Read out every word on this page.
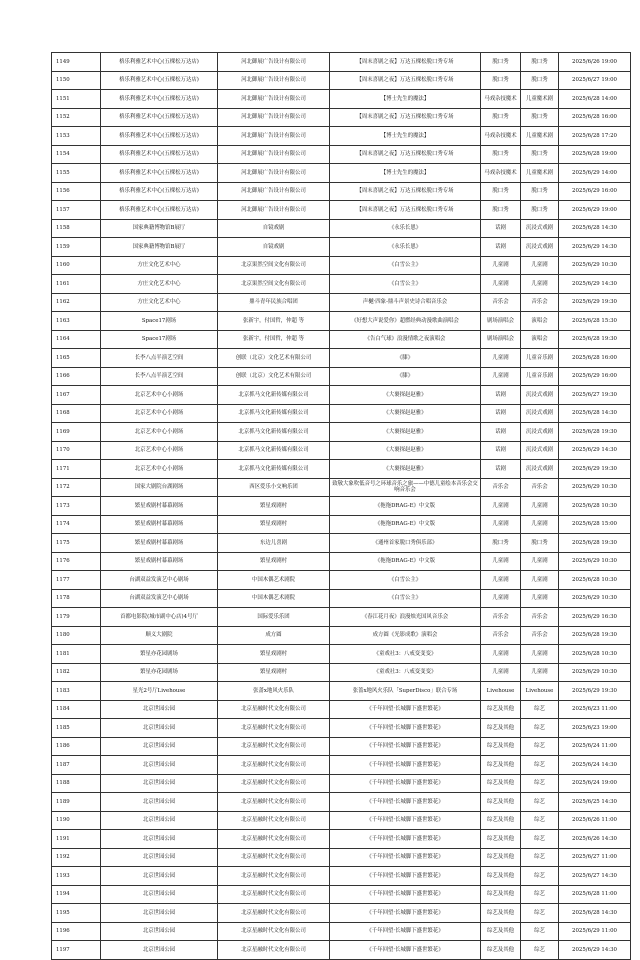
1149	格乐利雅艺术中心(五棵松万达店)	河北御展广告设计有限公司	【周末喜剧之夜】万达五棵松脱口秀专场	脱口秀	脱口秀	2025/6/26 19:00
1150	格乐利雅艺术中心(五棵松万达店)	河北御展广告设计有限公司	【周末喜剧之夜】万达五棵松脱口秀专场	脱口秀	脱口秀	2025/6/27 19:00
1151	格乐利雅艺术中心(五棵松万达店)	河北御展广告设计有限公司	【博士先生的魔法】	马戏杂技魔术	儿童魔术剧	2025/6/28 14:00
1152	格乐利雅艺术中心(五棵松万达店)	河北御展广告设计有限公司	【周末喜剧之夜】万达五棵松脱口秀专场	脱口秀	脱口秀	2025/6/28 16:00
1153	格乐利雅艺术中心(五棵松万达店)	河北御展广告设计有限公司	【博士先生的魔法】	马戏杂技魔术	儿童魔术剧	2025/6/28 17:20
1154	格乐利雅艺术中心(五棵松万达店)	河北御展广告设计有限公司	【周末喜剧之夜】万达五棵松脱口秀专场	脱口秀	脱口秀	2025/6/28 19:00
1155	格乐利雅艺术中心(五棵松万达店)	河北御展广告设计有限公司	【博士先生的魔法】	马戏杂技魔术	儿童魔术剧	2025/6/29 14:00
1156	格乐利雅艺术中心(五棵松万达店)	河北御展广告设计有限公司	【周末喜剧之夜】万达五棵松脱口秀专场	脱口秀	脱口秀	2025/6/29 16:00
1157	格乐利雅艺术中心(五棵松万达店)	河北御展广告设计有限公司	【周末喜剧之夜】万达五棵松脱口秀专场	脱口秀	脱口秀	2025/6/29 19:00
1158	国家典籍博物馆B展厅	自镜戏剧	《永乐长恩》	话剧	沉浸式戏剧	2025/6/28 14:30
1159	国家典籍博物馆B展厅	自镜戏剧	《永乐长恩》	话剧	沉浸式戏剧	2025/6/29 14:30
1160	方庄文化艺术中心	北京果然空间文化有限公司	《白雪公主》	儿童剧	儿童剧	2025/6/29 10:30
1161	方庄文化艺术中心	北京果然空间文化有限公司	《白雪公主》	儿童剧	儿童剧	2025/6/29 14:30
1162	方庄文化艺术中心	鼎斗青年民族合唱团	声樾·四象-鼎斗声景史诗合唱音乐会	音乐会	音乐会	2025/6/29 19:30
1163	Space17剧场	张新宇，付国哲，仲超 等	《好想大声说爱你》超燃经典动漫歌曲演唱会	剧场演唱会	演唱会	2025/6/28 15:30
1164	Space17剧场	张新宇，付国哲，仲超 等	《告白气球》浪漫情歌之夜演唱会	剧场演唱会	演唱会	2025/6/28 19:30
1165	长李八点半演艺空间	创联（北京）文化艺术有限公司	《膝》	儿童剧	儿童音乐剧	2025/6/28 16:00
1166	长李八点半演艺空间	创联（北京）文化艺术有限公司	《膝》	儿童剧	儿童音乐剧	2025/6/29 16:00
1167	北京艺术中心小剧场	北京抓马文化新传媒有限公司	《大裹探赵赵雅》	话剧	沉浸式戏剧	2025/6/27 19:30
1168	北京艺术中心小剧场	北京抓马文化新传媒有限公司	《大裹探赵赵雅》	话剧	沉浸式戏剧	2025/6/28 14:30
1169	北京艺术中心小剧场	北京抓马文化新传媒有限公司	《大裹探赵赵雅》	话剧	沉浸式戏剧	2025/6/28 19:30
1170	北京艺术中心小剧场	北京抓马文化新传媒有限公司	《大裹探赵赵雅》	话剧	沉浸式戏剧	2025/6/29 14:30
1171	北京艺术中心小剧场	北京抓马文化新传媒有限公司	《大裹探赵赵雅》	话剧	沉浸式戏剧	2025/6/29 19:30
1172	国家大剧院台湖剧场	西区爱乐小交响乐团	致敬大象吹低音号之环球音乐之旅——中德儿童绘本音乐会交响音乐会	音乐会	音乐会	2025/6/29 10:30
1173	繁星戏剧村幕幕剧场	繁星戏剧村	《拖拖DRAG-E》中文版	儿童剧	儿童剧	2025/6/28 10:30
1174	繁星戏剧村幕幕剧场	繁星戏剧村	《拖拖DRAG-E》中文版	儿童剧	儿童剧	2025/6/28 15:00
1175	繁星戏剧村幕幕剧场	东边儿喜剧	《通州首家脱口秀俱乐部》	脱口秀	脱口秀	2025/6/28 19:30
1176	繁星戏剧村幕幕剧场	繁星戏剧村	《拖拖DRAG-E》中文版	儿童剧	儿童剧	2025/6/29 10:30
1177	台湖双益发演艺中心剧场	中国木偶艺术剧院	《白雪公主》	儿童剧	儿童剧	2025/6/28 10:30
1178	台湖双益发演艺中心剧场	中国木偶艺术剧院	《白雪公主》	儿童剧	儿童剧	2025/6/29 10:30
1179	首都电影院(城市副中心店)4号厅	国际爱乐乐团	《春江花月夜》浪漫烛光国风音乐会	音乐会	音乐会	2025/6/29 16:30
1180	顺义大剧院	成方圆	成方圆《光影成歌》演唱会	音乐会	音乐会	2025/6/28 19:30
1181	繁星亦花园剧场	繁星戏剧村	《童戏社3：八戒变变变》	儿童剧	儿童剧	2025/6/28 10:30
1182	繁星亦花园剧场	繁星戏剧村	《童戏社3：八戒变变变》	儿童剧	儿童剧	2025/6/29 10:30
1183	星光2号厅Livehouse	张蔷x地风火乐队	张蔷x地风火乐队「SuperDisco」联合专场	Livehouse	Livehouse	2025/6/29 19:30
1184	北京世园公园	北京星融时代文化有限公司	《千年回望·长城脚下盛世繁花》	综艺及其他	综艺	2025/6/23 11:00
1185	北京世园公园	北京星融时代文化有限公司	《千年回望·长城脚下盛世繁花》	综艺及其他	综艺	2025/6/23 19:00
1186	北京世园公园	北京星融时代文化有限公司	《千年回望·长城脚下盛世繁花》	综艺及其他	综艺	2025/6/24 11:00
1187	北京世园公园	北京星融时代文化有限公司	《千年回望·长城脚下盛世繁花》	综艺及其他	综艺	2025/6/24 14:30
1188	北京世园公园	北京星融时代文化有限公司	《千年回望·长城脚下盛世繁花》	综艺及其他	综艺	2025/6/24 19:00
1189	北京世园公园	北京星融时代文化有限公司	《千年回望·长城脚下盛世繁花》	综艺及其他	综艺	2025/6/25 14:30
1190	北京世园公园	北京星融时代文化有限公司	《千年回望·长城脚下盛世繁花》	综艺及其他	综艺	2025/6/26 11:00
1191	北京世园公园	北京星融时代文化有限公司	《千年回望·长城脚下盛世繁花》	综艺及其他	综艺	2025/6/26 14:30
1192	北京世园公园	北京星融时代文化有限公司	《千年回望·长城脚下盛世繁花》	综艺及其他	综艺	2025/6/27 11:00
1193	北京世园公园	北京星融时代文化有限公司	《千年回望·长城脚下盛世繁花》	综艺及其他	综艺	2025/6/27 14:30
1194	北京世园公园	北京星融时代文化有限公司	《千年回望·长城脚下盛世繁花》	综艺及其他	综艺	2025/6/28 11:00
1195	北京世园公园	北京星融时代文化有限公司	《千年回望·长城脚下盛世繁花》	综艺及其他	综艺	2025/6/28 14:30
1196	北京世园公园	北京星融时代文化有限公司	《千年回望·长城脚下盛世繁花》	综艺及其他	综艺	2025/6/29 11:00
1197	北京世园公园	北京星融时代文化有限公司	《千年回望·长城脚下盛世繁花》	综艺及其他	综艺	2025/6/29 14:30
